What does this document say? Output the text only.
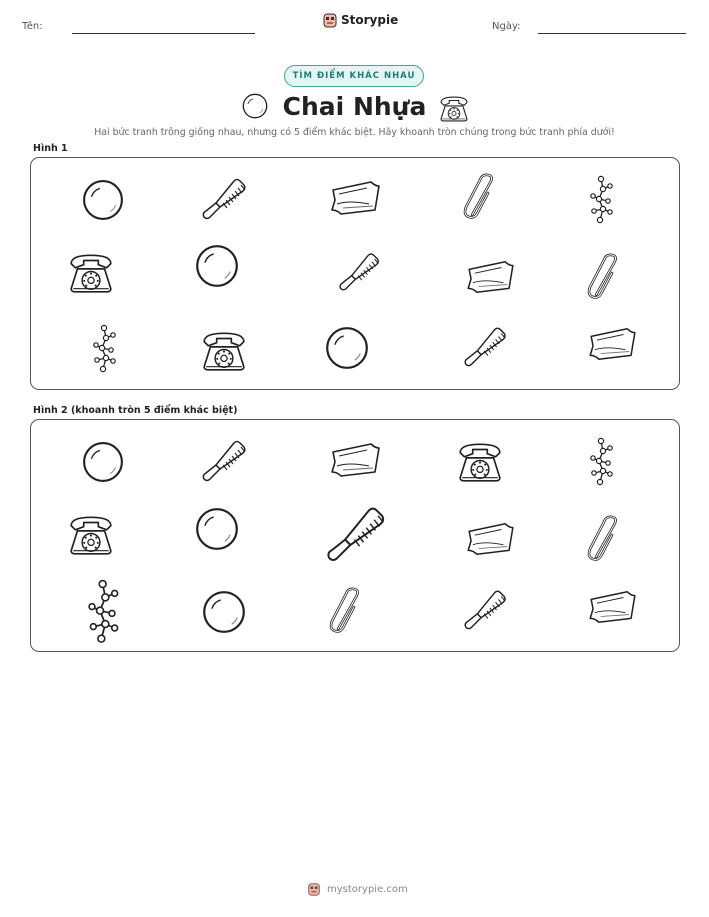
Tên:	Storypie	Ngày:
TÌM ĐIỂM KHÁC NHAU
Chai Nhựa
Hai bức tranh trông giống nhau, nhưng có 5 điểm khác biệt. Hãy khoanh tròn chúng trong bức tranh phía dưới!
Hình 1
Hình 2 (khoanh tròn 5 điểm khác biệt)
mystorypie.com
